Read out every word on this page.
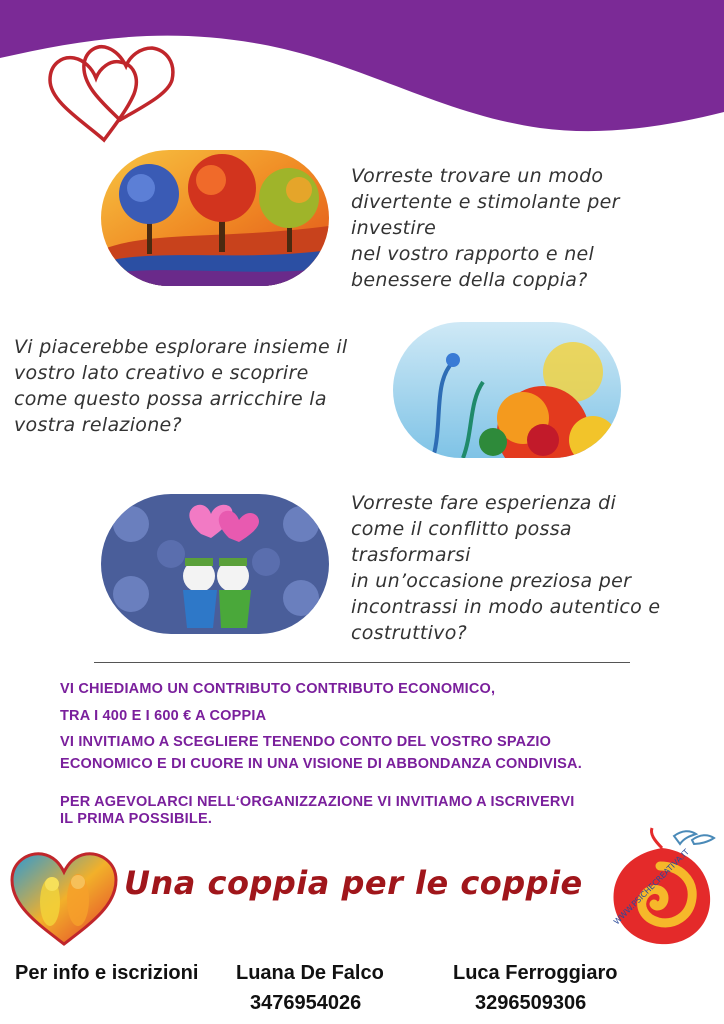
Vorreste trovare un modo
divertente e stimolante per
investire
nel vostro rapporto e nel
benessere della coppia?
Vi piacerebbe esplorare insieme il
vostro lato creativo e scoprire
come questo possa arricchire la
vostra relazione?
Vorreste fare esperienza di
come il conflitto possa
trasformarsi
in un’occasione preziosa per
incontrassi in modo autentico e
costruttivo?
VI CHIEDIAMO UN CONTRIBUTO CONTRIBUTO ECONOMICO,
TRA I 400 E I 600 € A COPPIA
VI INVITIAMO A SCEGLIERE TENENDO CONTO DEL VOSTRO SPAZIO
ECONOMICO E DI CUORE IN UNA VISIONE DI ABBONDANZA CONDIVISA.
PER AGEVOLARCI NELL‘ORGANIZZAZIONE VI INVITIAMO A ISCRIVERVI
IL PRIMA POSSIBILE.
Una coppia per le coppie	WWW.PSICHECREATIVA.IT
Per info e iscrizioni Luana De Falco
3476954026
Luca Ferroggiaro
3296509306
